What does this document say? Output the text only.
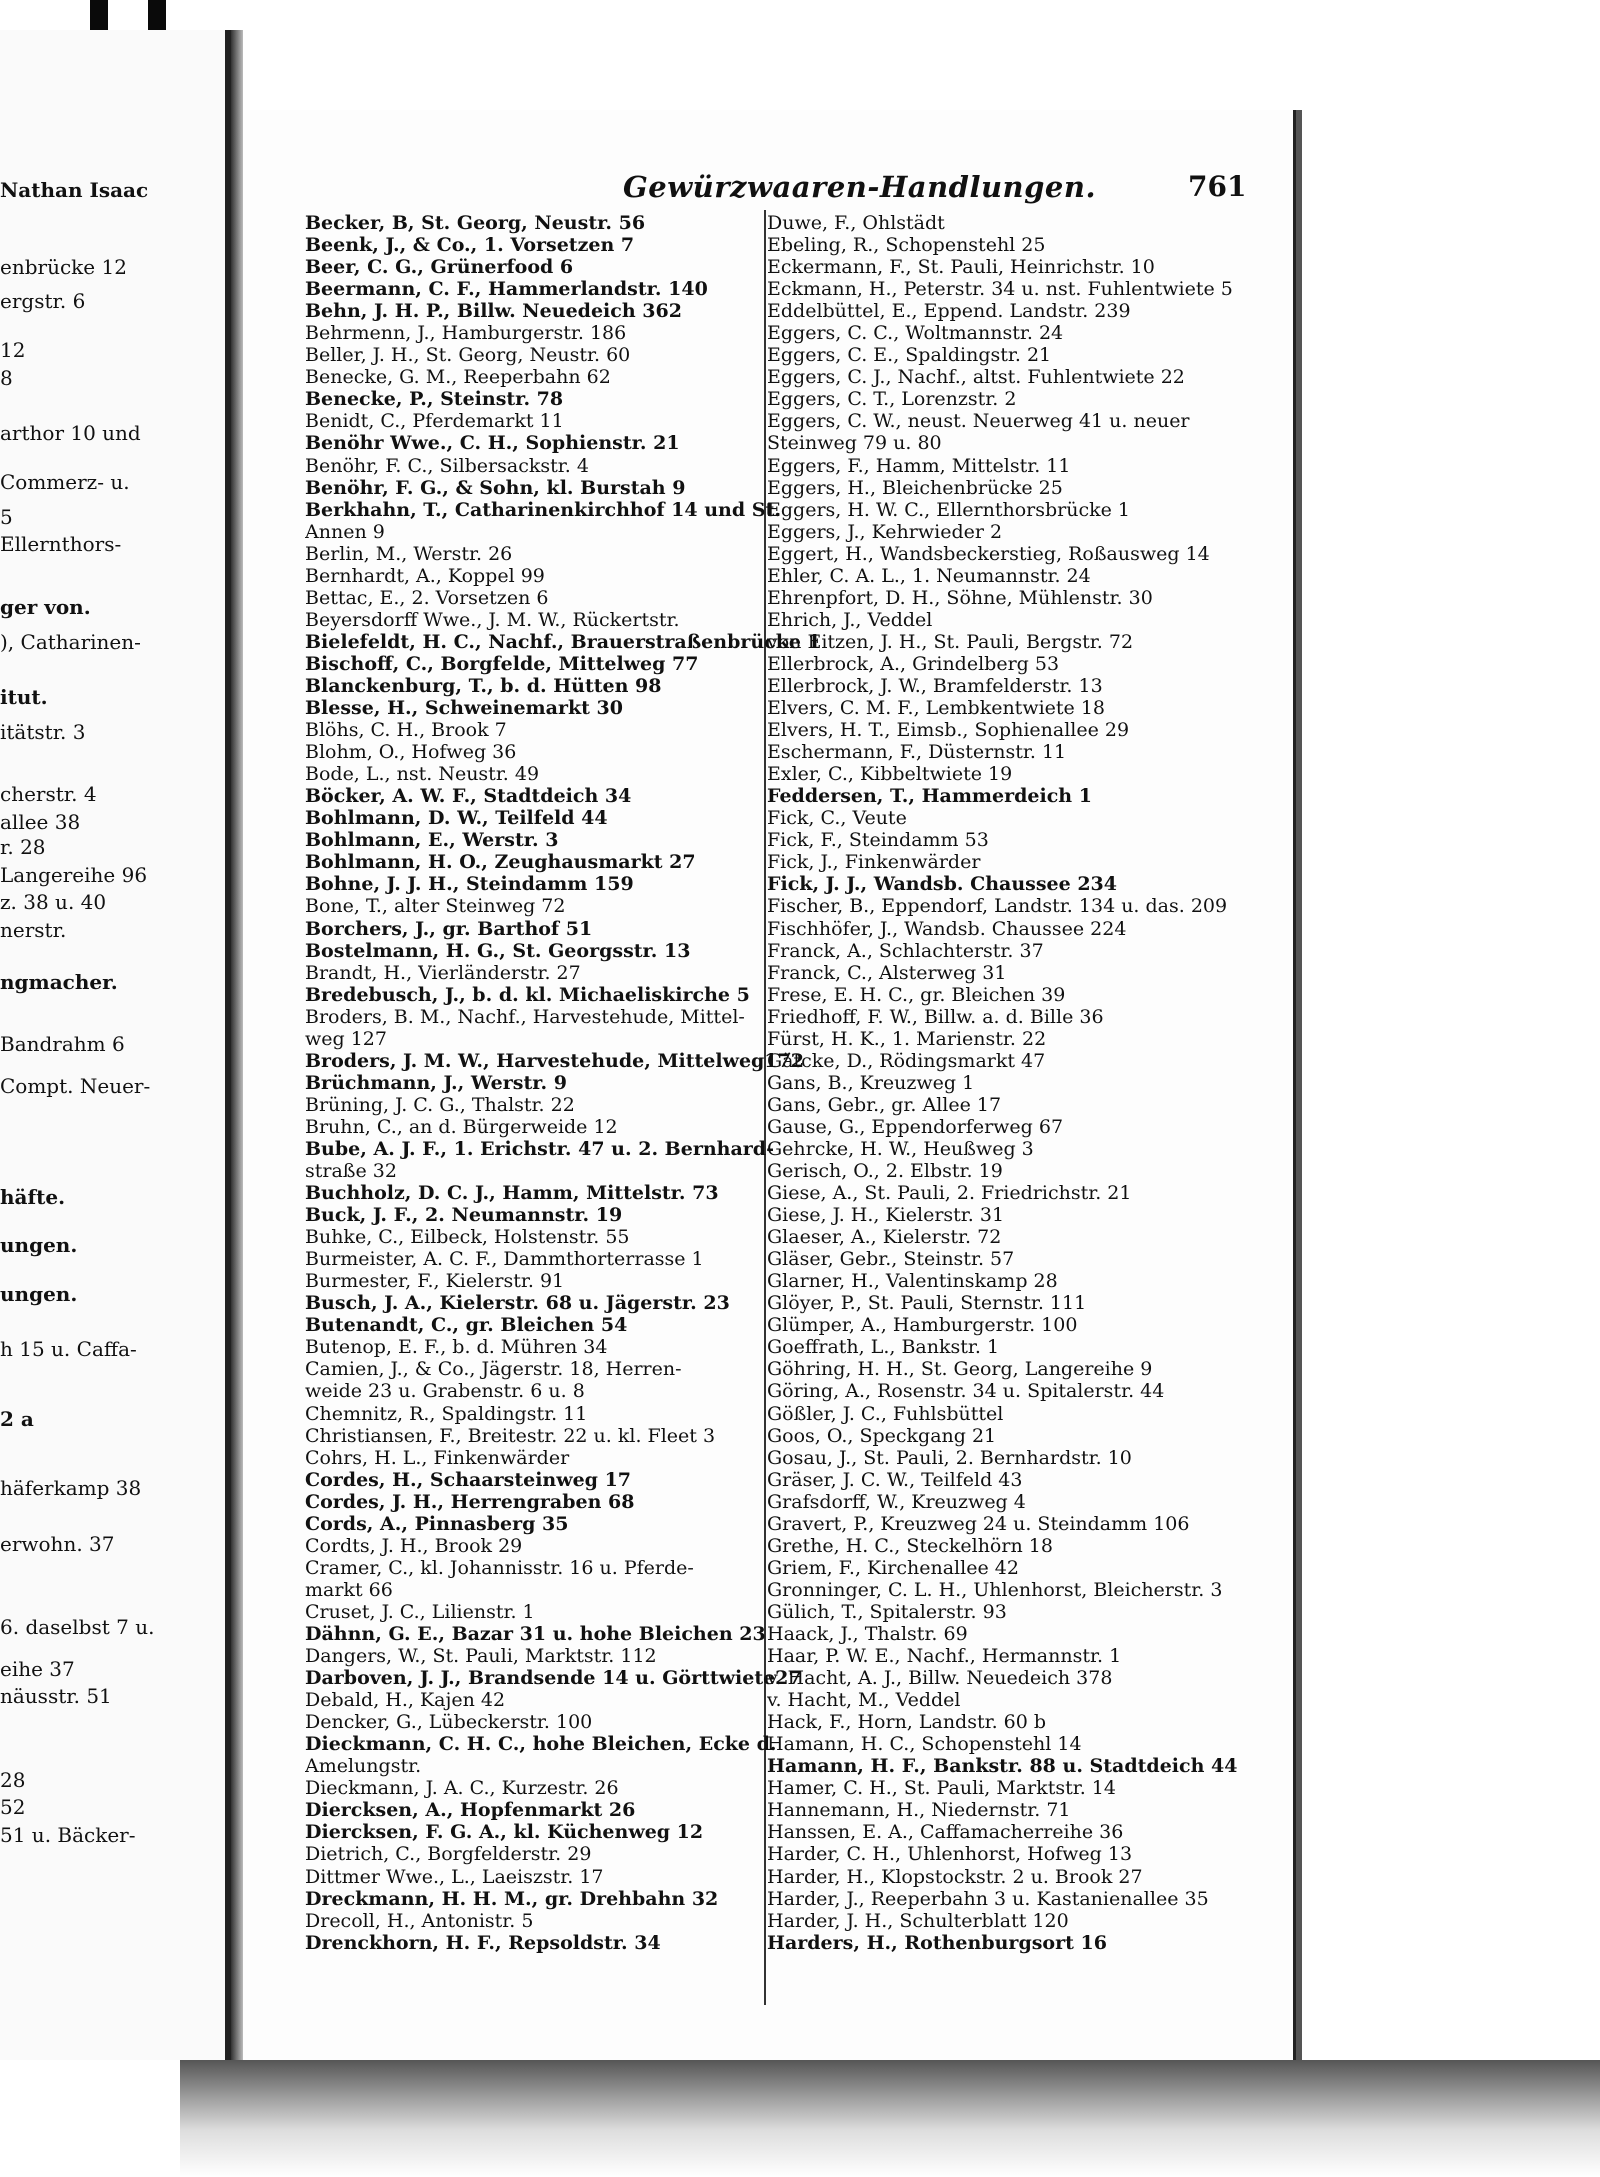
Nathan Isaac
enbrücke 12
ergstr. 6
12
8
arthor 10 und
Commerz- u.
5
Ellernthors-
ger von.
), Catharinen-
itut.
itätstr. 3
cherstr. 4
allee 38
r. 28
Langereihe 96
z. 38 u. 40
nerstr.
ngmacher.
Bandrahm 6
Compt. Neuer-
häfte.
ungen.
ungen.
h 15 u. Caffa-
2 a
häferkamp 38
erwohn. 37
6. daselbst 7 u.
eihe 37
näusstr. 51
28
52
51 u. Bäcker-
Gewürzwaaren-Handlungen.	761
Becker, B, St. Georg, Neustr. 56
Beenk, J., & Co., 1. Vorsetzen 7
Beer, C. G., Grünerfood 6
Beermann, C. F., Hammerlandstr. 140
Behn, J. H. P., Billw. Neuedeich 362
Behrmenn, J., Hamburgerstr. 186
Beller, J. H., St. Georg, Neustr. 60
Benecke, G. M., Reeperbahn 62
Benecke, P., Steinstr. 78
Benidt, C., Pferdemarkt 11
Benöhr Wwe., C. H., Sophienstr. 21
Benöhr, F. C., Silbersackstr. 4
Benöhr, F. G., & Sohn, kl. Burstah 9
Berkhahn, T., Catharinenkirchhof 14 und St.
Annen 9
Berlin, M., Werstr. 26
Bernhardt, A., Koppel 99
Bettac, E., 2. Vorsetzen 6
Beyersdorff Wwe., J. M. W., Rückertstr.
Bielefeldt, H. C., Nachf., Brauerstraßenbrücke 1
Bischoff, C., Borgfelde, Mittelweg 77
Blanckenburg, T., b. d. Hütten 98
Blesse, H., Schweinemarkt 30
Blöhs, C. H., Brook 7
Blohm, O., Hofweg 36
Bode, L., nst. Neustr. 49
Böcker, A. W. F., Stadtdeich 34
Bohlmann, D. W., Teilfeld 44
Bohlmann, E., Werstr. 3
Bohlmann, H. O., Zeughausmarkt 27
Bohne, J. J. H., Steindamm 159
Bone, T., alter Steinweg 72
Borchers, J., gr. Barthof 51
Bostelmann, H. G., St. Georgsstr. 13
Brandt, H., Vierländerstr. 27
Bredebusch, J., b. d. kl. Michaeliskirche 5
Broders, B. M., Nachf., Harvestehude, Mittel-
weg 127
Broders, J. M. W., Harvestehude, Mittelweg172
Brüchmann, J., Werstr. 9
Brüning, J. C. G., Thalstr. 22
Bruhn, C., an d. Bürgerweide 12
Bube, A. J. F., 1. Erichstr. 47 u. 2. Bernhard-
straße 32
Buchholz, D. C. J., Hamm, Mittelstr. 73
Buck, J. F., 2. Neumannstr. 19
Buhke, C., Eilbeck, Holstenstr. 55
Burmeister, A. C. F., Dammthorterrasse 1
Burmester, F., Kielerstr. 91
Busch, J. A., Kielerstr. 68 u. Jägerstr. 23
Butenandt, C., gr. Bleichen 54
Butenop, E. F., b. d. Mühren 34
Camien, J., & Co., Jägerstr. 18, Herren-
weide 23 u. Grabenstr. 6 u. 8
Chemnitz, R., Spaldingstr. 11
Christiansen, F., Breitestr. 22 u. kl. Fleet 3
Cohrs, H. L., Finkenwärder
Cordes, H., Schaarsteinweg 17
Cordes, J. H., Herrengraben 68
Cords, A., Pinnasberg 35
Cordts, J. H., Brook 29
Cramer, C., kl. Johannisstr. 16 u. Pferde-
markt 66
Cruset, J. C., Lilienstr. 1
Dähnn, G. E., Bazar 31 u. hohe Bleichen 23
Dangers, W., St. Pauli, Marktstr. 112
Darboven, J. J., Brandsende 14 u. Görttwiete27
Debald, H., Kajen 42
Dencker, G., Lübeckerstr. 100
Dieckmann, C. H. C., hohe Bleichen, Ecke d.
Amelungstr.
Dieckmann, J. A. C., Kurzestr. 26
Diercksen, A., Hopfenmarkt 26
Diercksen, F. G. A., kl. Küchenweg 12
Dietrich, C., Borgfelderstr. 29
Dittmer Wwe., L., Laeiszstr. 17
Dreckmann, H. H. M., gr. Drehbahn 32
Drecoll, H., Antonistr. 5
Drenckhorn, H. F., Repsoldstr. 34
Duwe, F., Ohlstädt
Ebeling, R., Schopenstehl 25
Eckermann, F., St. Pauli, Heinrichstr. 10
Eckmann, H., Peterstr. 34 u. nst. Fuhlentwiete 5
Eddelbüttel, E., Eppend. Landstr. 239
Eggers, C. C., Woltmannstr. 24
Eggers, C. E., Spaldingstr. 21
Eggers, C. J., Nachf., altst. Fuhlentwiete 22
Eggers, C. T., Lorenzstr. 2
Eggers, C. W., neust. Neuerweg 41 u. neuer
Steinweg 79 u. 80
Eggers, F., Hamm, Mittelstr. 11
Eggers, H., Bleichenbrücke 25
Eggers, H. W. C., Ellernthorsbrücke 1
Eggers, J., Kehrwieder 2
Eggert, H., Wandsbeckerstieg, Roßausweg 14
Ehler, C. A. L., 1. Neumannstr. 24
Ehrenpfort, D. H., Söhne, Mühlenstr. 30
Ehrich, J., Veddel
von Eitzen, J. H., St. Pauli, Bergstr. 72
Ellerbrock, A., Grindelberg 53
Ellerbrock, J. W., Bramfelderstr. 13
Elvers, C. M. F., Lembkentwiete 18
Elvers, H. T., Eimsb., Sophienallee 29
Eschermann, F., Düsternstr. 11
Exler, C., Kibbeltwiete 19
Feddersen, T., Hammerdeich 1
Fick, C., Veute
Fick, F., Steindamm 53
Fick, J., Finkenwärder
Fick, J. J., Wandsb. Chaussee 234
Fischer, B., Eppendorf, Landstr. 134 u. das. 209
Fischhöfer, J., Wandsb. Chaussee 224
Franck, A., Schlachterstr. 37
Franck, C., Alsterweg 31
Frese, E. H. C., gr. Bleichen 39
Friedhoff, F. W., Billw. a. d. Bille 36
Fürst, H. K., 1. Marienstr. 22
Gätcke, D., Rödingsmarkt 47
Gans, B., Kreuzweg 1
Gans, Gebr., gr. Allee 17
Gause, G., Eppendorferweg 67
Gehrcke, H. W., Heußweg 3
Gerisch, O., 2. Elbstr. 19
Giese, A., St. Pauli, 2. Friedrichstr. 21
Giese, J. H., Kielerstr. 31
Glaeser, A., Kielerstr. 72
Gläser, Gebr., Steinstr. 57
Glarner, H., Valentinskamp 28
Glöyer, P., St. Pauli, Sternstr. 111
Glümper, A., Hamburgerstr. 100
Goeffrath, L., Bankstr. 1
Göhring, H. H., St. Georg, Langereihe 9
Göring, A., Rosenstr. 34 u. Spitalerstr. 44
Gößler, J. C., Fuhlsbüttel
Goos, O., Speckgang 21
Gosau, J., St. Pauli, 2. Bernhardstr. 10
Gräser, J. C. W., Teilfeld 43
Grafsdorff, W., Kreuzweg 4
Gravert, P., Kreuzweg 24 u. Steindamm 106
Grethe, H. C., Steckelhörn 18
Griem, F., Kirchenallee 42
Gronninger, C. L. H., Uhlenhorst, Bleicherstr. 3
Gülich, T., Spitalerstr. 93
Haack, J., Thalstr. 69
Haar, P. W. E., Nachf., Hermannstr. 1
v. Hacht, A. J., Billw. Neuedeich 378
v. Hacht, M., Veddel
Hack, F., Horn, Landstr. 60 b
Hamann, H. C., Schopenstehl 14
Hamann, H. F., Bankstr. 88 u. Stadtdeich 44
Hamer, C. H., St. Pauli, Marktstr. 14
Hannemann, H., Niedernstr. 71
Hanssen, E. A., Caffamacherreihe 36
Harder, C. H., Uhlenhorst, Hofweg 13
Harder, H., Klopstockstr. 2 u. Brook 27
Harder, J., Reeperbahn 3 u. Kastanienallee 35
Harder, J. H., Schulterblatt 120
Harders, H., Rothenburgsort 16
